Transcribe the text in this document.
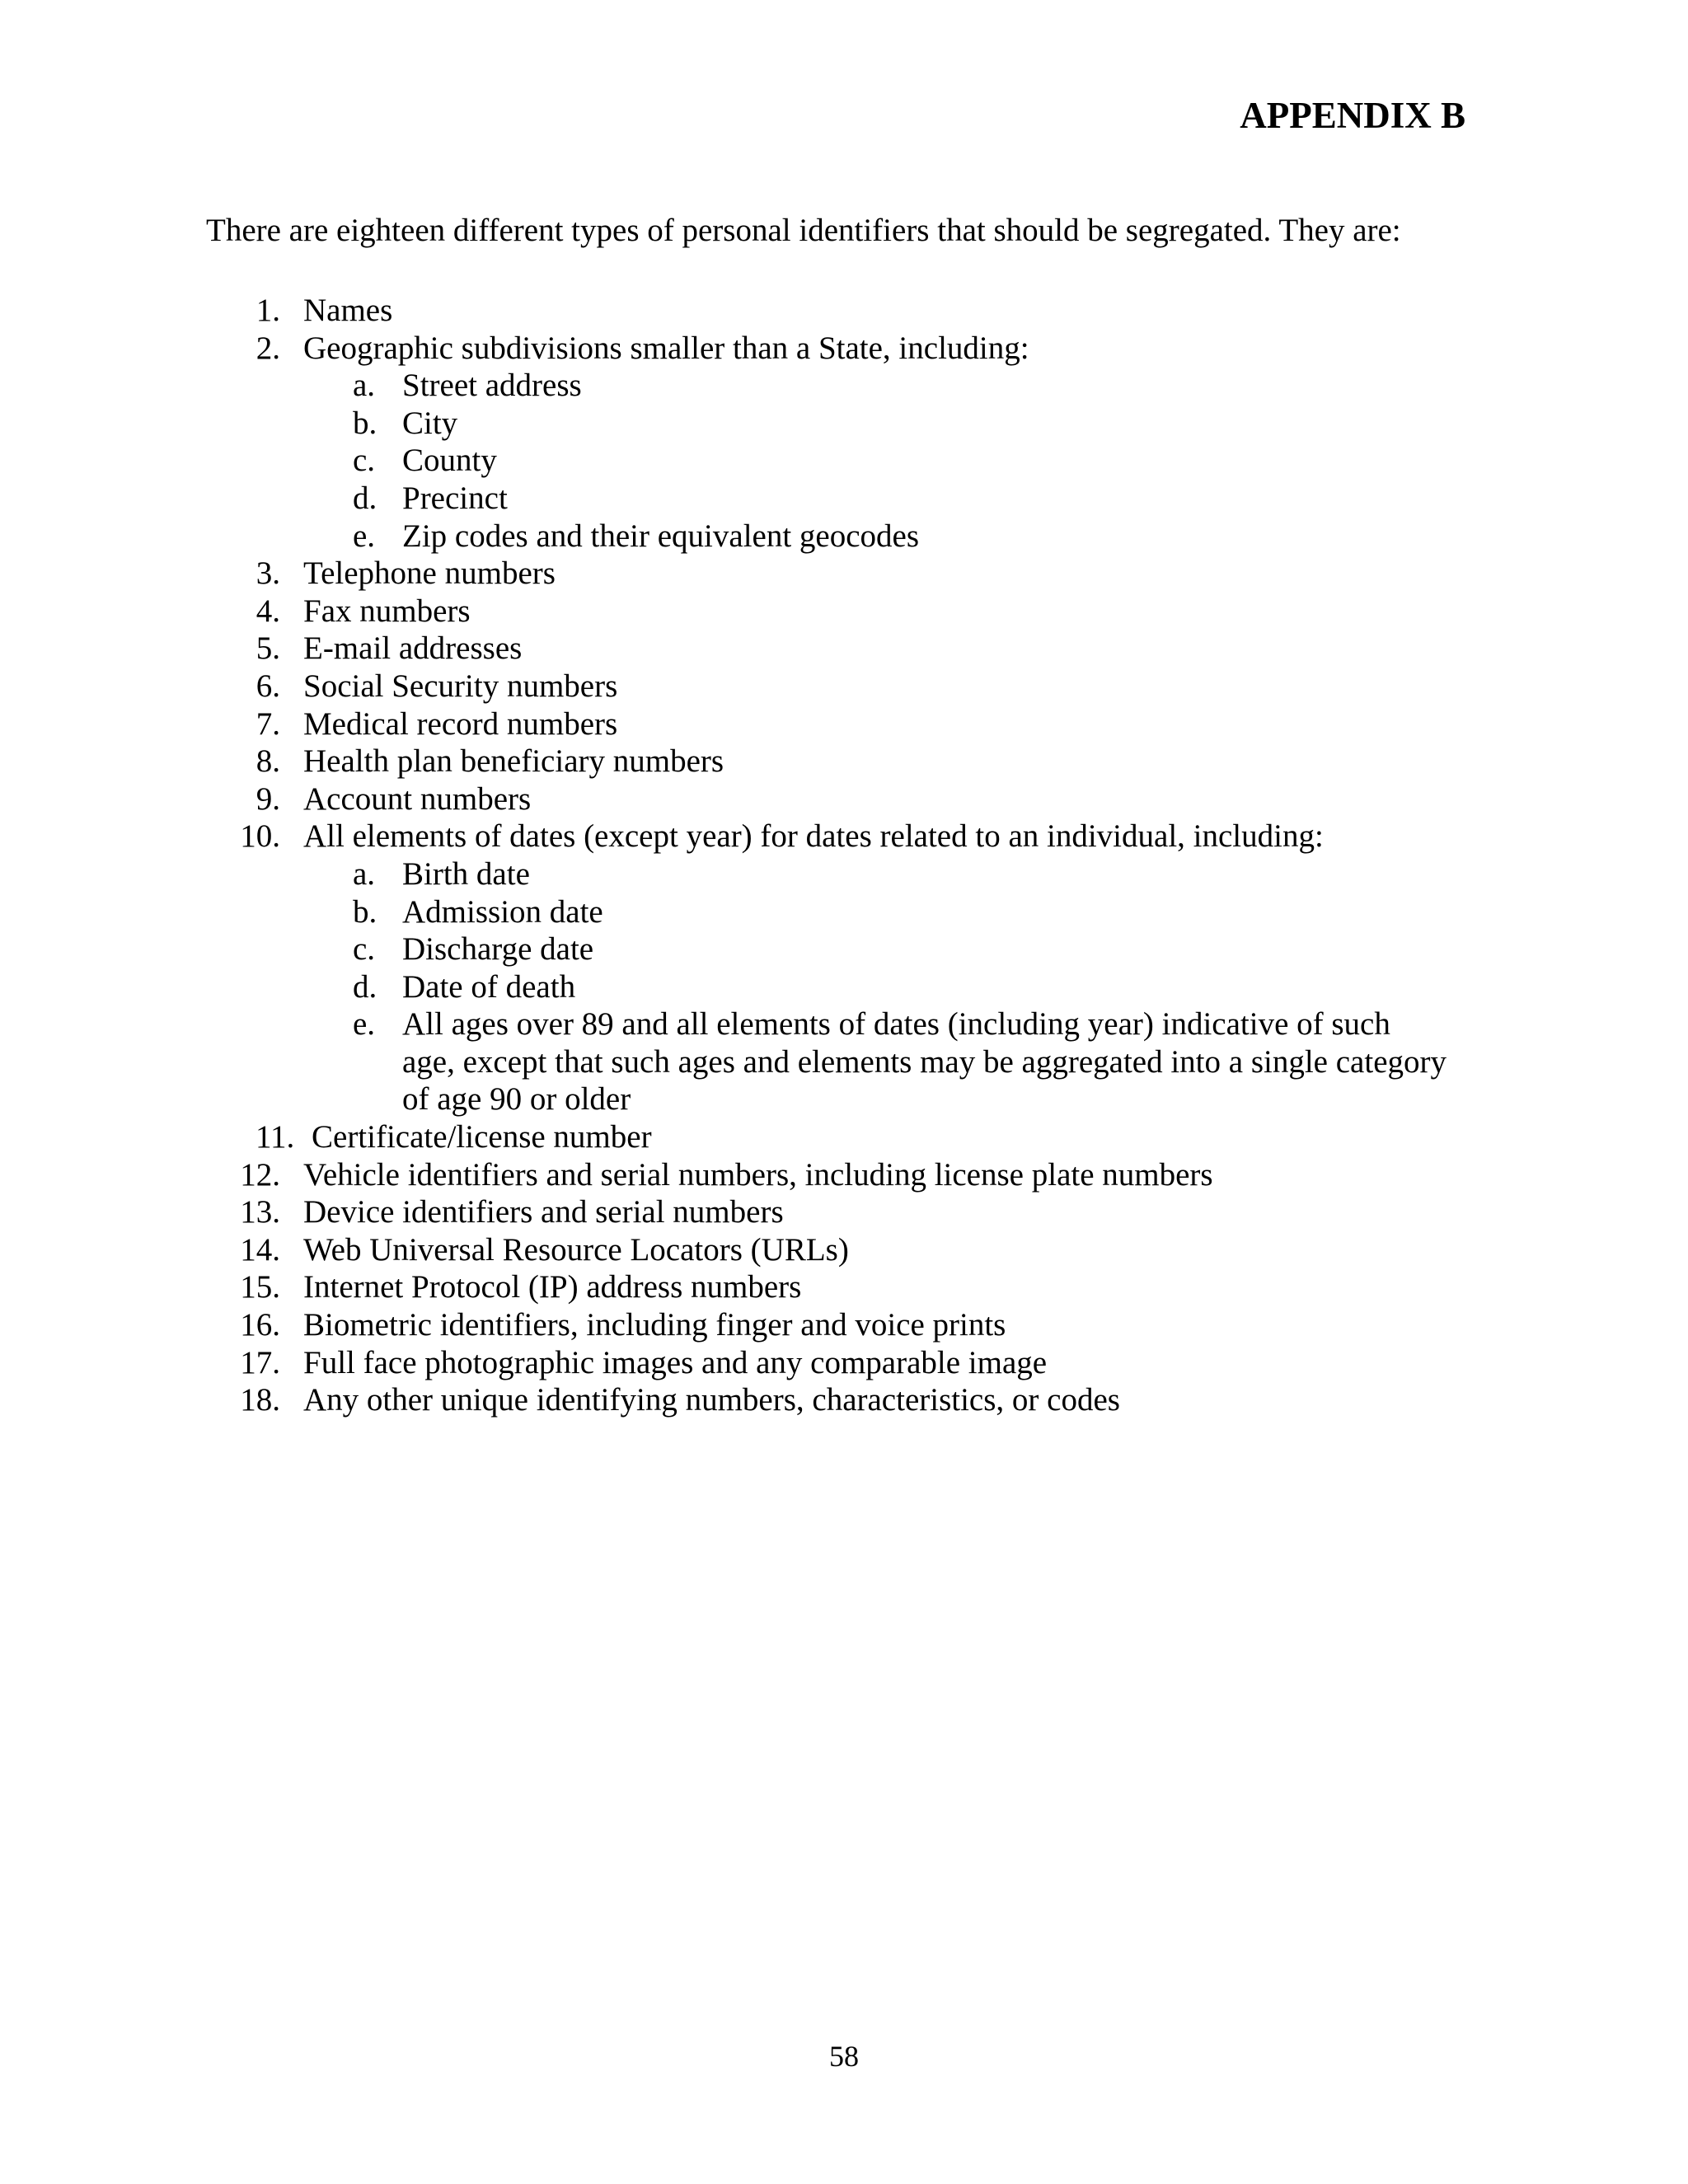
APPENDIX B
There are eighteen different types of personal identifiers that should be segregated. They are:
1. Names
2. Geographic subdivisions smaller than a State, including:
a. Street address
b. City
c. County
d. Precinct
e. Zip codes and their equivalent geocodes
3. Telephone numbers
4. Fax numbers
5. E-mail addresses
6. Social Security numbers
7. Medical record numbers
8. Health plan beneficiary numbers
9. Account numbers
10. All elements of dates (except year) for dates related to an individual, including:
a. Birth date
b. Admission date
c. Discharge date
d. Date of death
e. All ages over 89 and all elements of dates (including year) indicative of such
age, except that such ages and elements may be aggregated into a single category
of age 90 or older
11. Certificate/license number
12. Vehicle identifiers and serial numbers, including license plate numbers
13. Device identifiers and serial numbers
14. Web Universal Resource Locators (URLs)
15. Internet Protocol (IP) address numbers
16. Biometric identifiers, including finger and voice prints
17. Full face photographic images and any comparable image
18. Any other unique identifying numbers, characteristics, or codes
58
